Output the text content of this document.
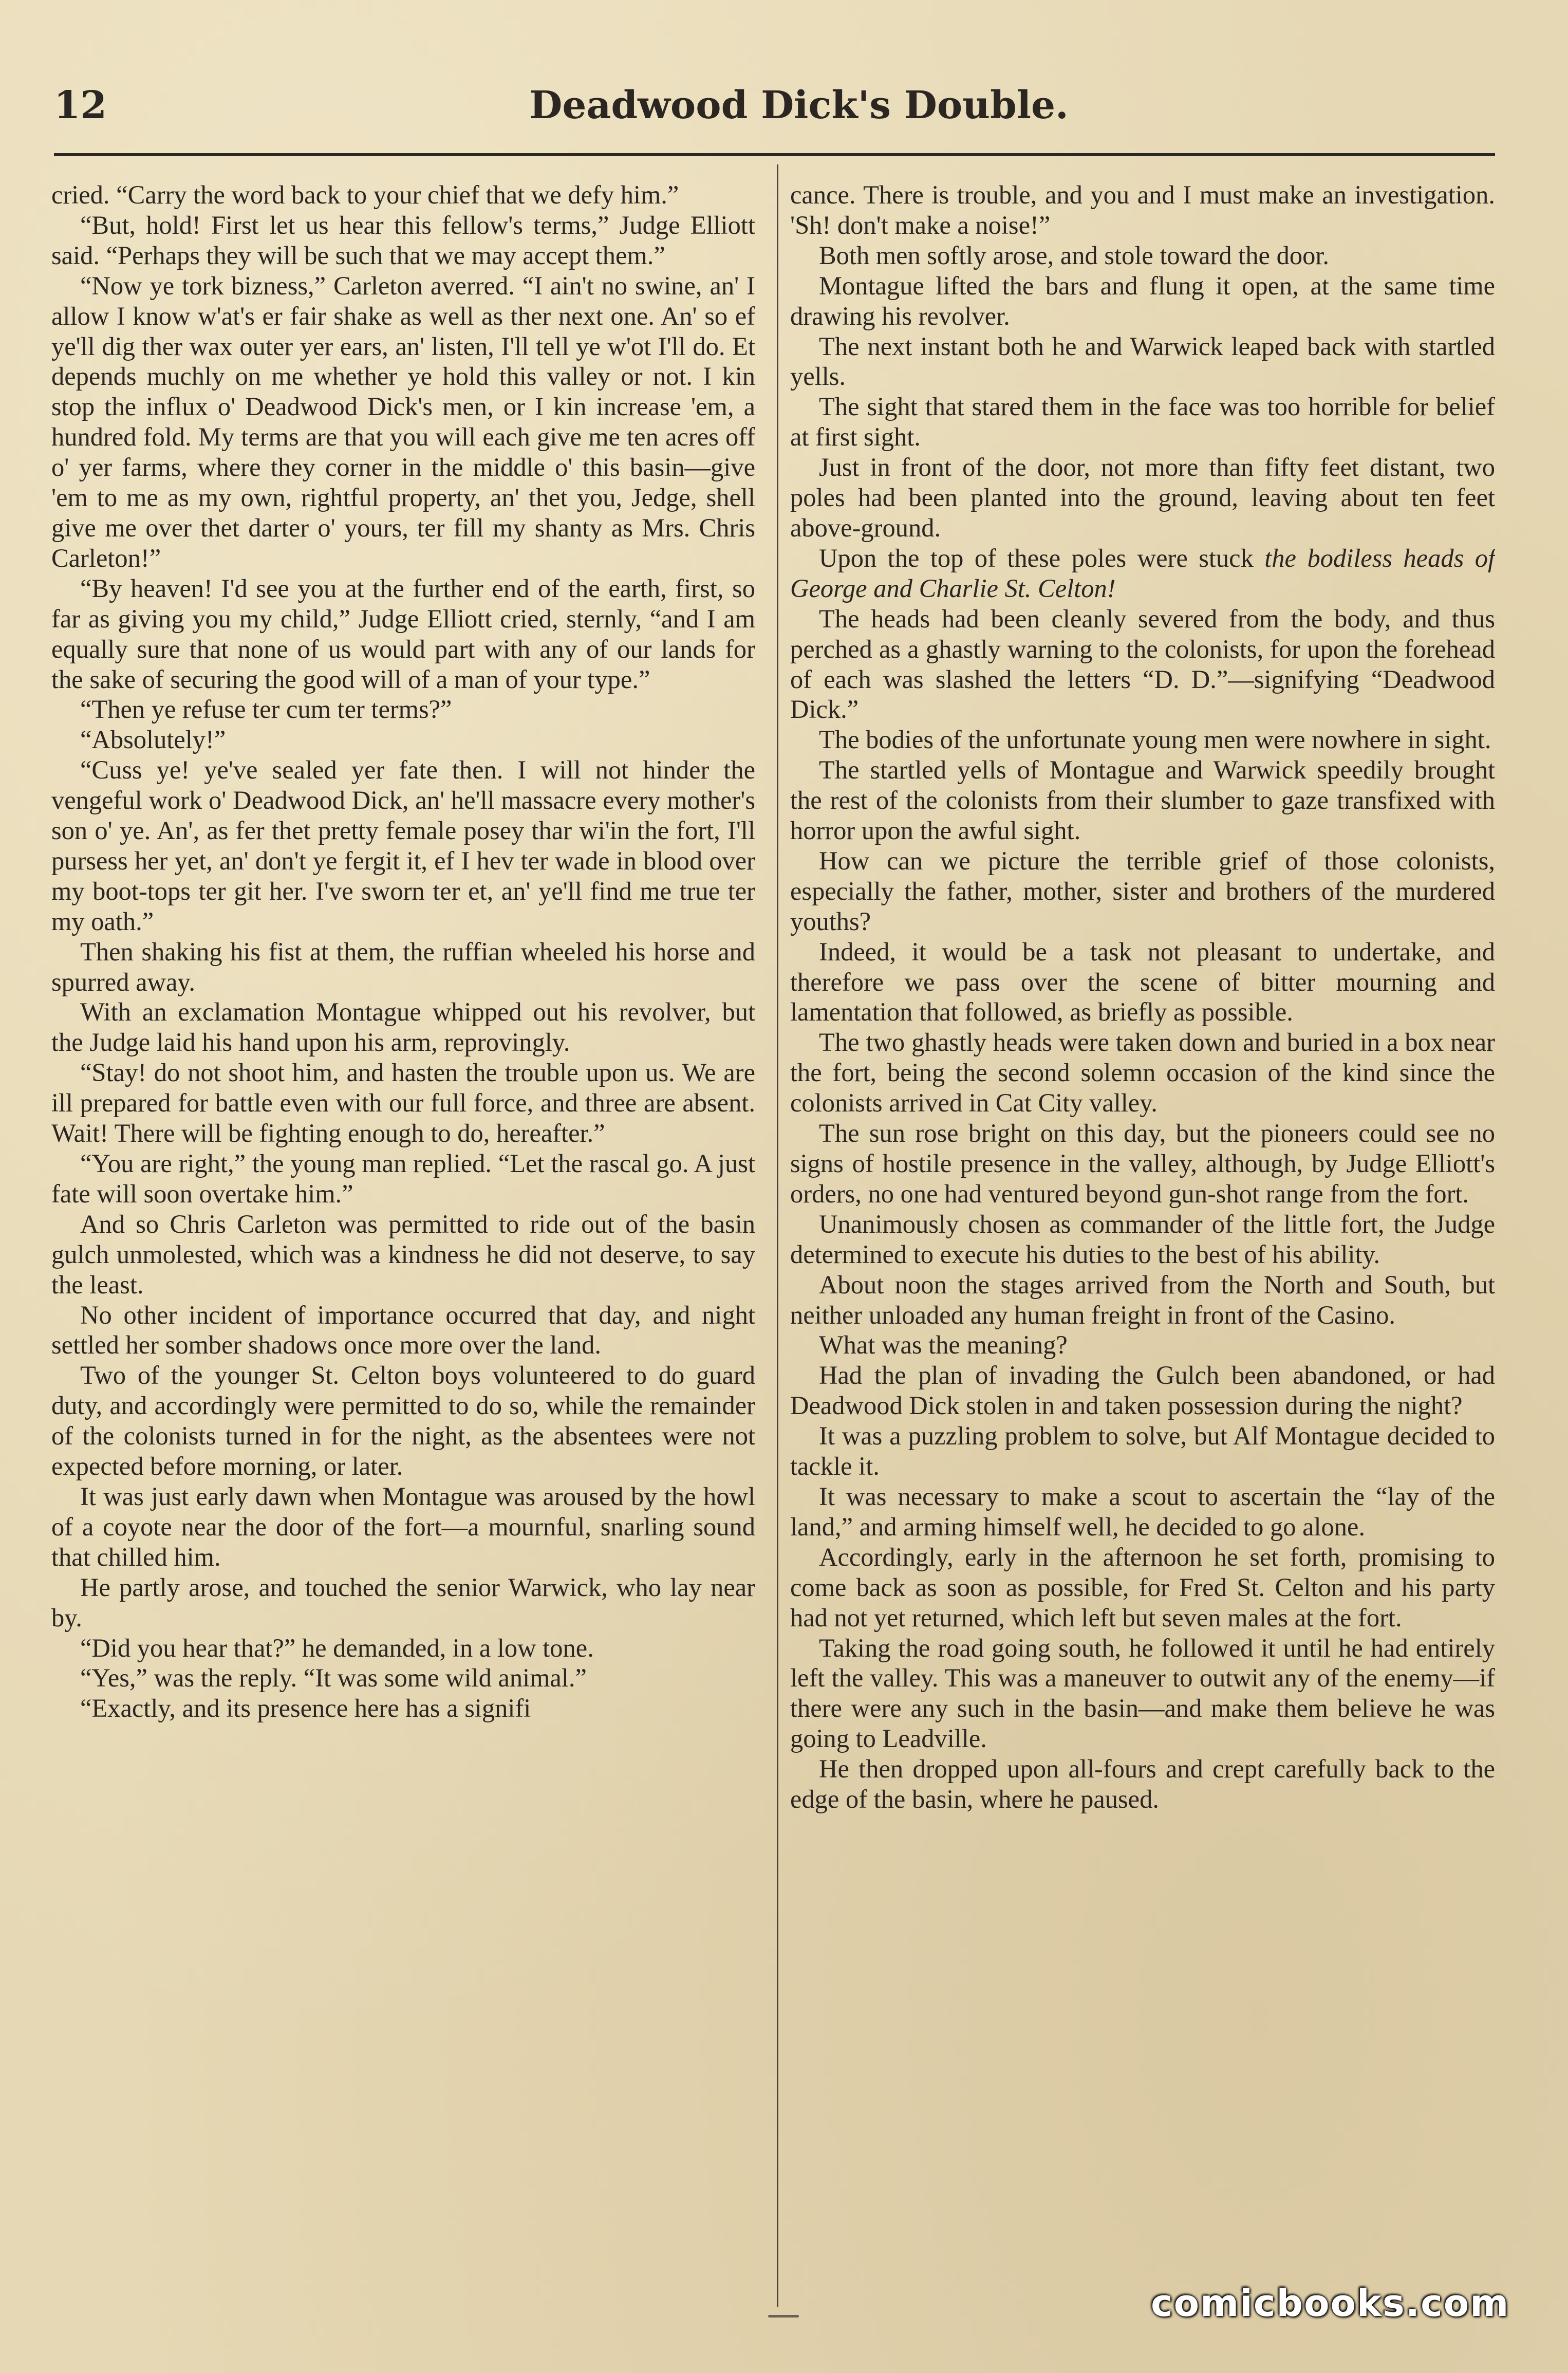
12	Deadwood Dick's Double.

cried. “Carry the word back to your chief that we defy him.”

“But, hold! First let us hear this fellow's terms,” Judge Elliott said. “Perhaps they will be such that we may accept them.”

“Now ye tork bizness,” Carleton averred. “I ain't no swine, an' I allow I know w'at's er fair shake as well as ther next one. An' so ef ye'll dig ther wax outer yer ears, an' listen, I'll tell ye w'ot I'll do. Et depends muchly on me whether ye hold this valley or not. I kin stop the influx o' Deadwood Dick's men, or I kin increase 'em, a hundred fold. My terms are that you will each give me ten acres off o' yer farms, where they corner in the middle o' this basin—give 'em to me as my own, rightful property, an' thet you, Jedge, shell give me over thet darter o' yours, ter fill my shanty as Mrs. Chris Carleton!”

“By heaven! I'd see you at the further end of the earth, first, so far as giving you my child,” Judge Elliott cried, sternly, “and I am equally sure that none of us would part with any of our lands for the sake of securing the good will of a man of your type.”

“Then ye refuse ter cum ter terms?”

“Absolutely!”

“Cuss ye! ye've sealed yer fate then. I will not hinder the vengeful work o' Deadwood Dick, an' he'll massacre every mother's son o' ye. An', as fer thet pretty female posey thar wi'in the fort, I'll pursess her yet, an' don't ye fergit it, ef I hev ter wade in blood over my boot-tops ter git her. I've sworn ter et, an' ye'll find me true ter my oath.”

Then shaking his fist at them, the ruffian wheeled his horse and spurred away.

With an exclamation Montague whipped out his revolver, but the Judge laid his hand upon his arm, reprovingly.

“Stay! do not shoot him, and hasten the trouble upon us. We are ill prepared for battle even with our full force, and three are absent. Wait! There will be fighting enough to do, hereafter.”

“You are right,” the young man replied. “Let the rascal go. A just fate will soon overtake him.”

And so Chris Carleton was permitted to ride out of the basin gulch unmolested, which was a kindness he did not deserve, to say the least.

No other incident of importance occurred that day, and night settled her somber shadows once more over the land.

Two of the younger St. Celton boys volunteered to do guard duty, and accordingly were permitted to do so, while the remainder of the colonists turned in for the night, as the absentees were not expected before morning, or later.

It was just early dawn when Montague was aroused by the howl of a coyote near the door of the fort—a mournful, snarling sound that chilled him.

He partly arose, and touched the senior Warwick, who lay near by.

“Did you hear that?” he demanded, in a low tone.

“Yes,” was the reply. “It was some wild animal.”

“Exactly, and its presence here has a signifi

cance. There is trouble, and you and I must make an investigation. 'Sh! don't make a noise!”

Both men softly arose, and stole toward the door.

Montague lifted the bars and flung it open, at the same time drawing his revolver.

The next instant both he and Warwick leaped back with startled yells.

The sight that stared them in the face was too horrible for belief at first sight.

Just in front of the door, not more than fifty feet distant, two poles had been planted into the ground, leaving about ten feet above-ground.

Upon the top of these poles were stuck the bodiless heads of George and Charlie St. Celton!

The heads had been cleanly severed from the body, and thus perched as a ghastly warning to the colonists, for upon the forehead of each was slashed the letters “D. D.”—signifying “Deadwood Dick.”

The bodies of the unfortunate young men were nowhere in sight.

The startled yells of Montague and Warwick speedily brought the rest of the colonists from their slumber to gaze transfixed with horror upon the awful sight.

How can we picture the terrible grief of those colonists, especially the father, mother, sister and brothers of the murdered youths?

Indeed, it would be a task not pleasant to undertake, and therefore we pass over the scene of bitter mourning and lamentation that followed, as briefly as possible.

The two ghastly heads were taken down and buried in a box near the fort, being the second solemn occasion of the kind since the colonists arrived in Cat City valley.

The sun rose bright on this day, but the pioneers could see no signs of hostile presence in the valley, although, by Judge Elliott's orders, no one had ventured beyond gun-shot range from the fort.

Unanimously chosen as commander of the little fort, the Judge determined to execute his duties to the best of his ability.

About noon the stages arrived from the North and South, but neither unloaded any human freight in front of the Casino.

What was the meaning?

Had the plan of invading the Gulch been abandoned, or had Deadwood Dick stolen in and taken possession during the night?

It was a puzzling problem to solve, but Alf Montague decided to tackle it.

It was necessary to make a scout to ascertain the “lay of the land,” and arming himself well, he decided to go alone.

Accordingly, early in the afternoon he set forth, promising to come back as soon as possible, for Fred St. Celton and his party had not yet returned, which left but seven males at the fort.

Taking the road going south, he followed it until he had entirely left the valley. This was a maneuver to outwit any of the enemy—if there were any such in the basin—and make them believe he was going to Leadville.

He then dropped upon all-fours and crept carefully back to the edge of the basin, where he paused.

comicbooks.com
